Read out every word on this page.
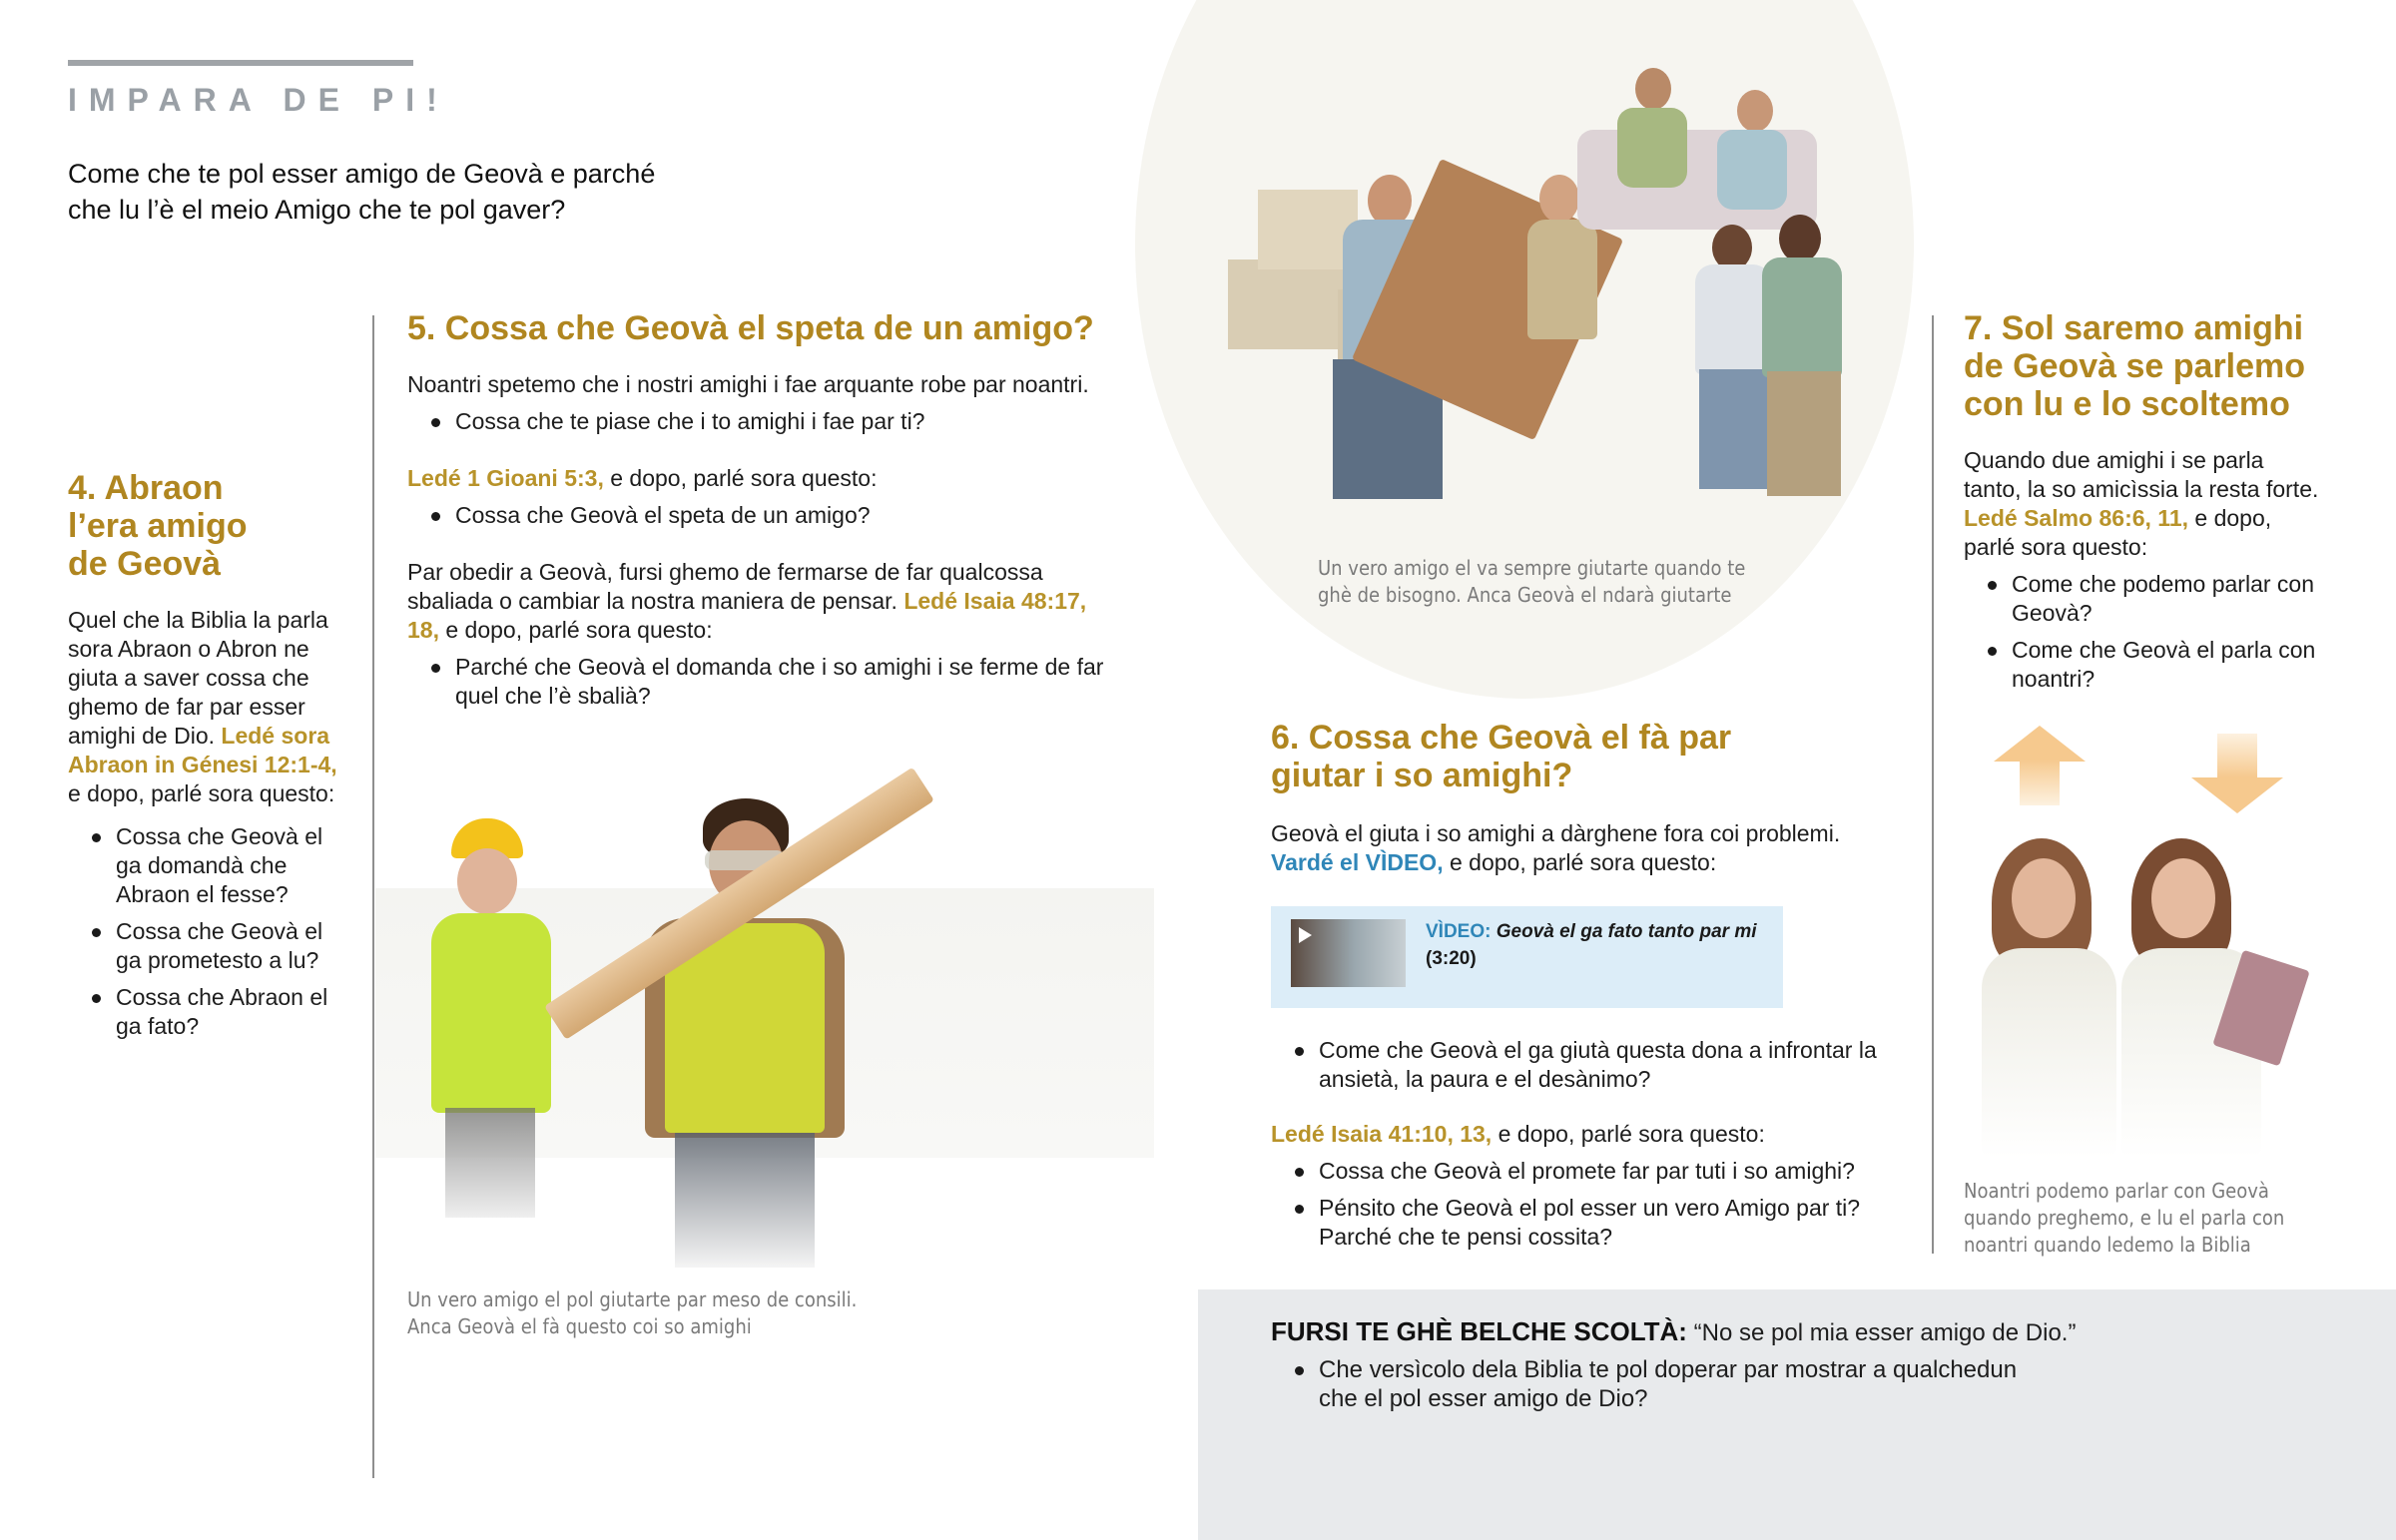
IMPARA DE PI!
Come che te pol esser amigo de Geovà e parché che lu l’è el meio Amigo che te pol gaver?
4. Abraon
l’era amigo
de Geovà
Quel che la Biblia la parla sora Abraon o Abron ne giuta a saver cossa che ghemo de far par esser amighi de Dio. Ledé sora Abraon in Génesi 12:1-4, e dopo, parlé sora questo:
Cossa che Geovà el ga domandà che Abraon el fesse?
Cossa che Geovà el ga prometesto a lu?
Cossa che Abraon el ga fato?
5. Cossa che Geovà el speta de un amigo?
Noantri spetemo che i nostri amighi i fae arquante robe par noantri.
Cossa che te piase che i to amighi i fae par ti?
Ledé 1 Gioani 5:3, e dopo, parlé sora questo:
Cossa che Geovà el speta de un amigo?
Par obedir a Geovà, fursi ghemo de fermarse de far qualcossa sbaliada o cambiar la nostra maniera de pensar. Ledé Isaia 48:17, 18, e dopo, parlé sora questo:
Parché che Geovà el domanda che i so amighi i se ferme de far quel che l’è sbalià?
Un vero amigo el pol giutarte par meso de consili. Anca Geovà el fà questo coi so amighi
Un vero amigo el va sempre giutarte quando te ghè de bisogno. Anca Geovà el ndarà giutarte
6. Cossa che Geovà el fà par giutar i so amighi?
Geovà el giuta i so amighi a dàrghene fora coi problemi.
Vardé el VÌDEO, e dopo, parlé sora questo:
VÌDEO: Geovà el ga fato tanto par mi
(3:20)
Come che Geovà el ga giutà questa dona a infrontar la ansietà, la paura e el desànimo?
Ledé Isaia 41:10, 13, e dopo, parlé sora questo:
Cossa che Geovà el promete far par tuti i so amighi?
Pénsito che Geovà el pol esser un vero Amigo par ti? Parché che te pensi cossita?
7. Sol saremo amighi de Geovà se parlemo con lu e lo scoltemo
Quando due amighi i se parla tanto, la so amicìssia la resta forte. Ledé Salmo 86:6, 11, e dopo, parlé sora questo:
Come che podemo parlar con Geovà?
Come che Geovà el parla con noantri?
Noantri podemo parlar con Geovà quando preghemo, e lu el parla con noantri quando ledemo la Biblia
FURSI TE GHÈ BELCHE SCOLTÀ: “No se pol mia esser amigo de Dio.”
Che versìcolo dela Biblia te pol doperar par mostrar a qualchedun che el pol esser amigo de Dio?
